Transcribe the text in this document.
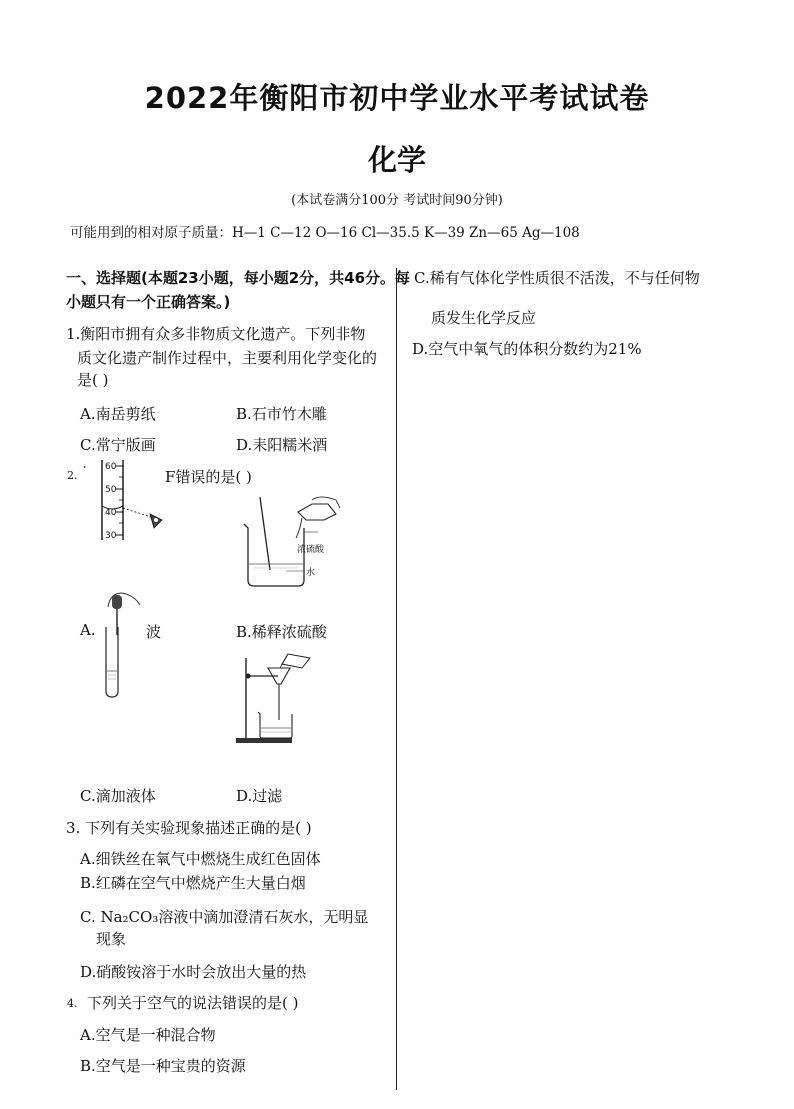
2022年衡阳市初中学业水平考试试卷
化学
(本试卷满分100分 考试时间90分钟)
可能用到的相对原子质量：H—1 C—12 O—16 Cl—35.5 K—39 Zn—65 Ag—108
一、选择题(本题23小题，每小题2分，共46分。每
小题只有一个正确答案。)
1.衡阳市拥有众多非物质文化遗产。下列非物
质文化遗产制作过程中，主要利用化学变化的
是( )
A.南岳剪纸	B.石市竹木雕
C.常宁版画	D.耒阳糯米酒
2.	F错误的是( )
60
50
40
30
浓硫酸
水
A.	波	B.稀释浓硫酸
C.滴加液体	D.过滤
3. 下列有关实验现象描述正确的是( )
A.细铁丝在氧气中燃烧生成红色固体
B.红磷在空气中燃烧产生大量白烟
C. Na₂CO₃溶液中滴加澄清石灰水，无明显
现象
D.硝酸铵溶于水时会放出大量的热
4. 下列关于空气的说法错误的是( )
A.空气是一种混合物
B.空气是一种宝贵的资源
C.稀有气体化学性质很不活泼，不与任何物
质发生化学反应
D.空气中氧气的体积分数约为21%
